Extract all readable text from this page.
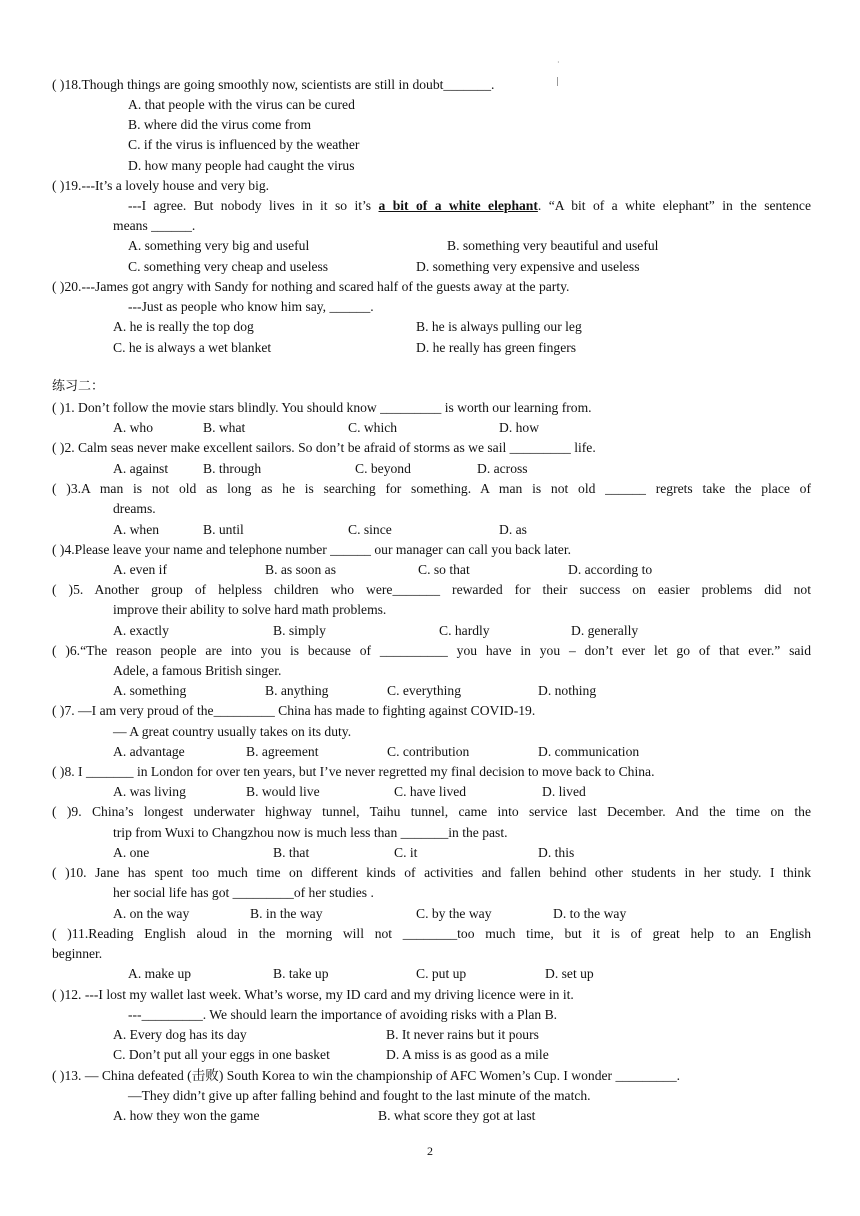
·
( )18.Though things are going smoothly now, scientists are still in doubt_______.
A. that people with the virus can be cured
B. where did the virus come from
C. if the virus is influenced by the weather
D. how many people had caught the virus
( )19.---It’s a lovely house and very big.
---I agree. But nobody lives in it so it’s a bit of a white elephant. “A bit of a white elephant” in the sentence
means ______.
A. something very big and useful	B. something very beautiful and useful
C. something very cheap and useless	D. something very expensive and useless
( )20.---James got angry with Sandy for nothing and scared half of the guests away at the party.
---Just as people who know him say, ______.
A. he is really the top dog	B. he is always pulling our leg
C. he is always a wet blanket	D. he really has green fingers
练习二：
( )1. Don’t follow the movie stars blindly. You should know _________ is worth our learning from.
A. who	B. what	C. which	D. how
( )2. Calm seas never make excellent sailors. So don’t be afraid of storms as we sail _________ life.
A. against	B. through	C. beyond	D. across
( )3.A man is not old as long as he is searching for something. A man is not old ______ regrets take the place of
dreams.
A. when	B. until	C. since	D. as
( )4.Please leave your name and telephone number ______ our manager can call you back later.
A. even if	B. as soon as	C. so that	D. according to
( )5. Another group of helpless children who were_______ rewarded for their success on easier problems did not
improve their ability to solve hard math problems.
A. exactly	B. simply	C. hardly	D. generally
( )6.“The reason people are into you is because of __________ you have in you – don’t ever let go of that ever.” said
Adele, a famous British singer.
A. something	B. anything	C. everything	D. nothing
( )7. —I am very proud of the_________ China has made to fighting against COVID-19.
— A great country usually takes on its duty.
A. advantage	B. agreement	C. contribution	D. communication
( )8. I _______ in London for over ten years, but I’ve never regretted my final decision to move back to China.
A. was living	B. would live	C. have lived	D. lived
( )9. China’s longest underwater highway tunnel, Taihu tunnel, came into service last December. And the time on the
trip from Wuxi to Changzhou now is much less than _______in the past.
A. one	B. that	C. it	D. this
( )10. Jane has spent too much time on different kinds of activities and fallen behind other students in her study. I think
her social life has got _________of her studies .
A. on the way	B. in the way	C. by the way	D. to the way
( )11.Reading English aloud in the morning will not ________too much time, but it is of great help to an English
beginner.
A. make up	B. take up	C. put up	D. set up
( )12. ---I lost my wallet last week. What’s worse, my ID card and my driving licence were in it.
---_________. We should learn the importance of avoiding risks with a Plan B.
A. Every dog has its day	B. It never rains but it pours
C. Don’t put all your eggs in one basket	D. A miss is as good as a mile
( )13. — China defeated (击败) South Korea to win the championship of AFC Women’s Cup. I wonder _________.
—They didn’t give up after falling behind and fought to the last minute of the match.
A. how they won the game	B. what score they got at last
2
